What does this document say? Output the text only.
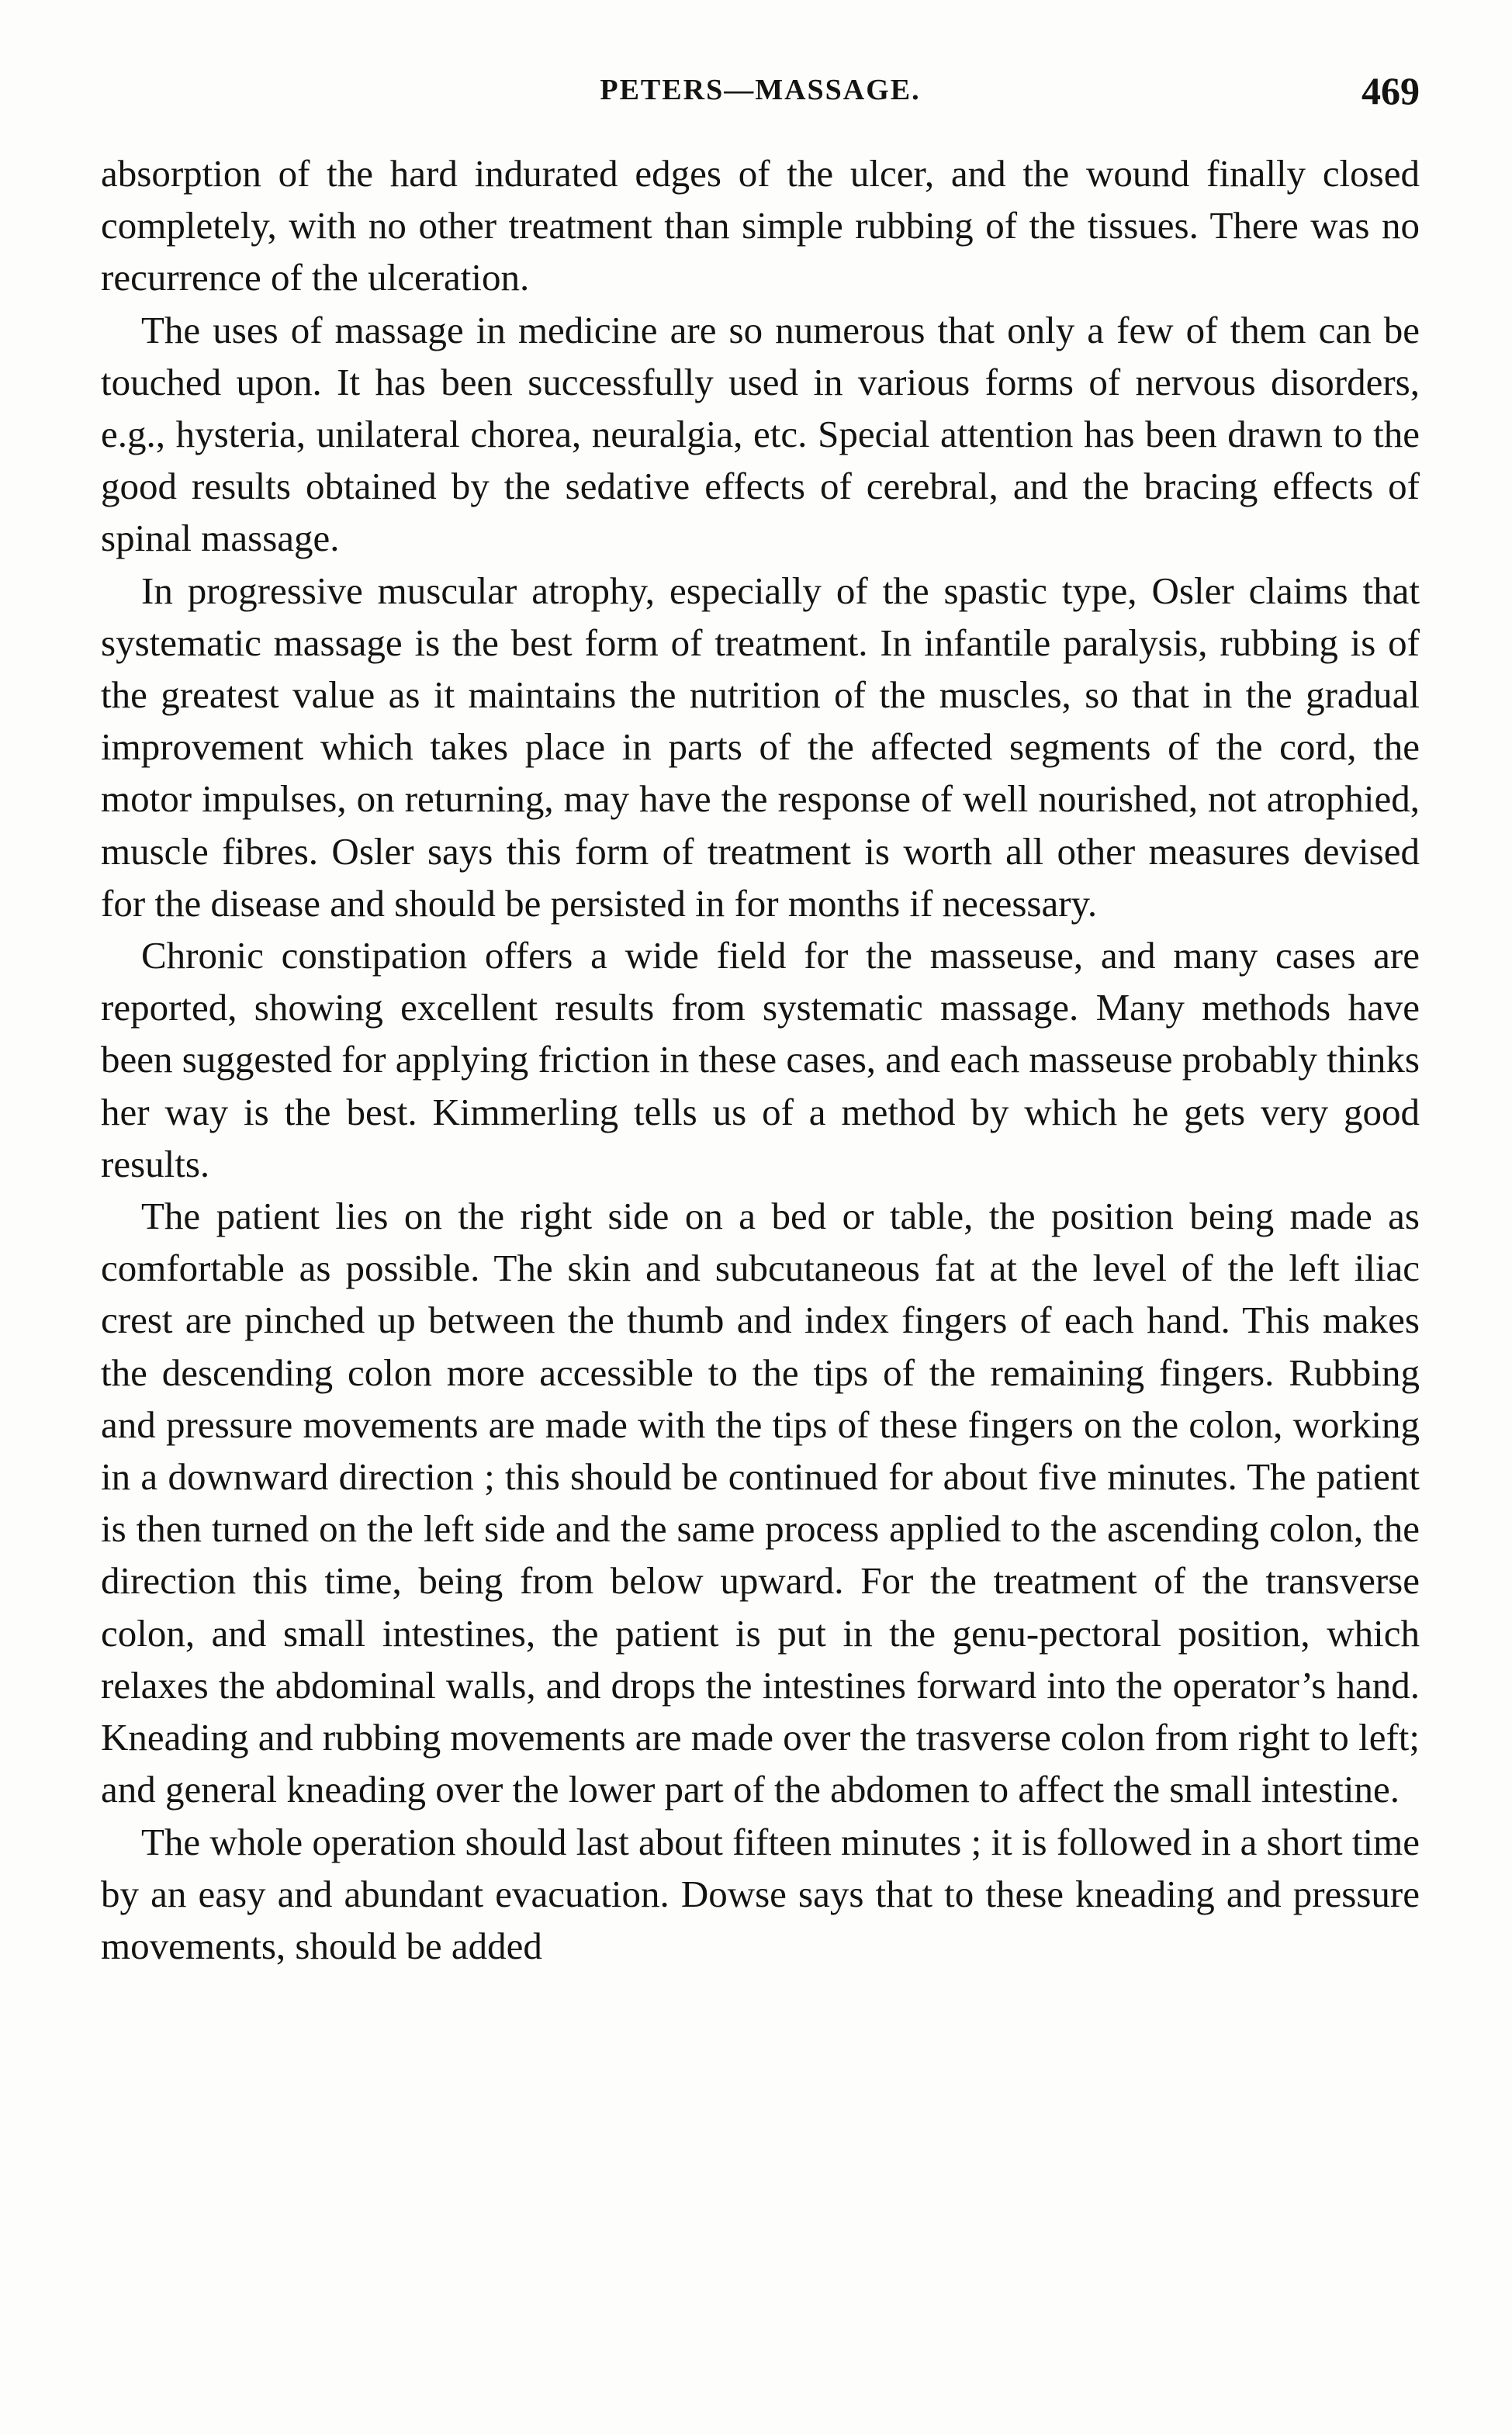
PETERS—MASSAGE.	469

absorption of the hard indurated edges of the ulcer, and the wound finally closed completely, with no other treatment than simple rubbing of the tissues. There was no recurrence of the ulceration.

The uses of massage in medicine are so numerous that only a few of them can be touched upon. It has been successfully used in various forms of nervous disorders, e.g., hysteria, unilateral chorea, neuralgia, etc. Special attention has been drawn to the good results obtained by the sedative effects of cerebral, and the bracing effects of spinal massage.

In progressive muscular atrophy, especially of the spastic type, Osler claims that systematic massage is the best form of treatment. In infantile paralysis, rubbing is of the greatest value as it maintains the nutrition of the muscles, so that in the gradual improvement which takes place in parts of the affected segments of the cord, the motor impulses, on returning, may have the response of well nourished, not atrophied, muscle fibres. Osler says this form of treatment is worth all other measures devised for the disease and should be persisted in for months if necessary.

Chronic constipation offers a wide field for the masseuse, and many cases are reported, showing excellent results from systematic massage. Many methods have been suggested for applying friction in these cases, and each masseuse probably thinks her way is the best. Kimmerling tells us of a method by which he gets very good results.

The patient lies on the right side on a bed or table, the position being made as comfortable as possible. The skin and subcutaneous fat at the level of the left iliac crest are pinched up between the thumb and index fingers of each hand. This makes the descending colon more accessible to the tips of the remaining fingers. Rubbing and pressure movements are made with the tips of these fingers on the colon, working in a downward direction ; this should be continued for about five minutes. The patient is then turned on the left side and the same process applied to the ascending colon, the direction this time, being from below upward. For the treatment of the transverse colon, and small intestines, the patient is put in the genu-pectoral position, which relaxes the abdominal walls, and drops the intestines forward into the operator’s hand. Kneading and rubbing movements are made over the trasverse colon from right to left; and general kneading over the lower part of the abdomen to affect the small intestine.

The whole operation should last about fifteen minutes ; it is followed in a short time by an easy and abundant evacuation. Dowse says that to these kneading and pressure movements, should be added
